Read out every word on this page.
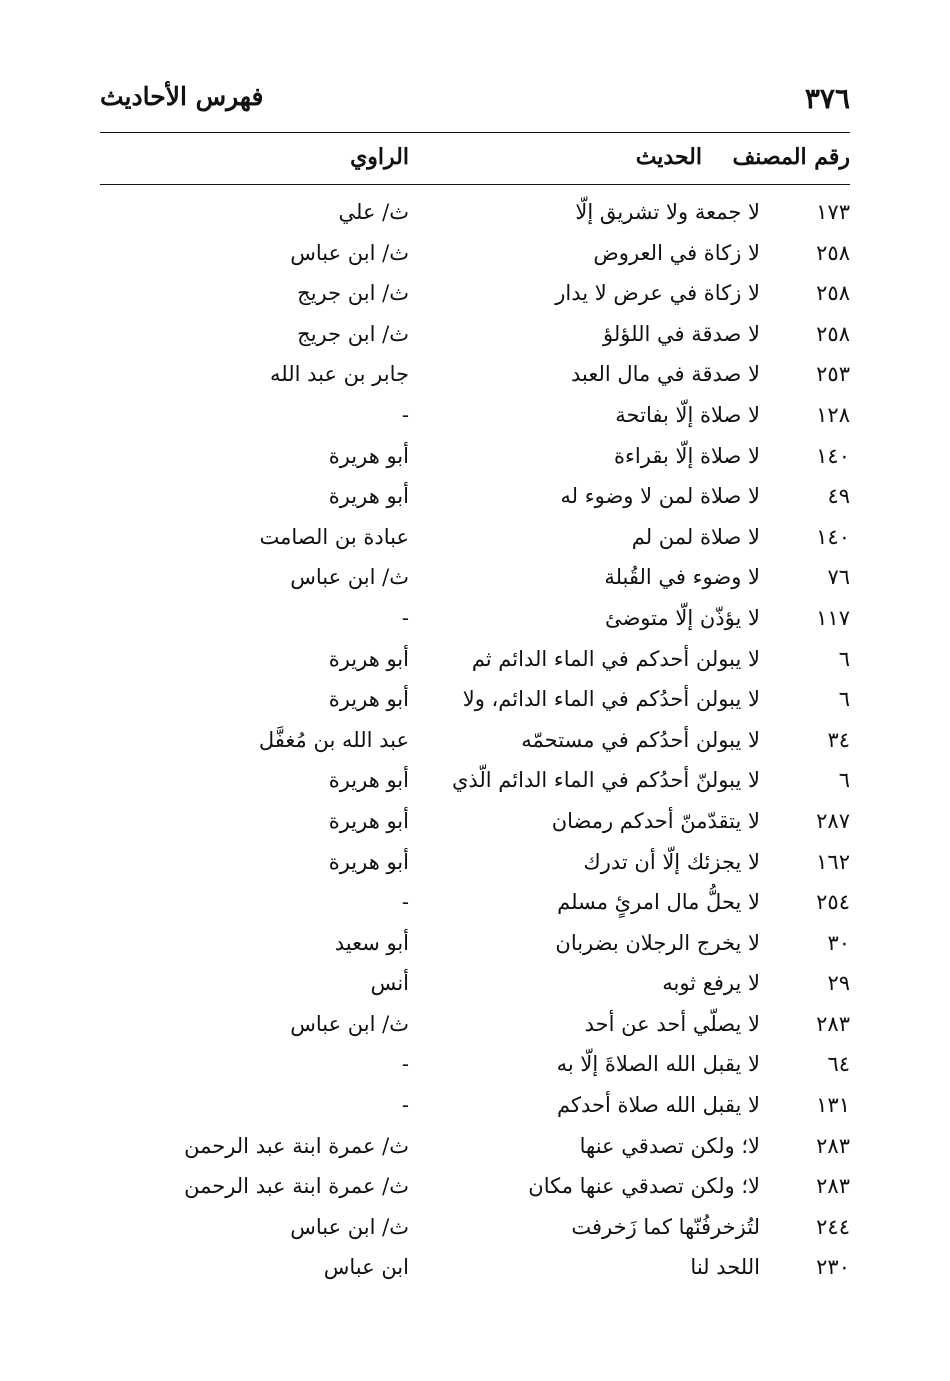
٣٧٦
فهرس الأحاديث
رقم المصنف
الحديث
الراوي
١٧٣
لا جمعة ولا تشريق إلّا
ث/ علي
٢٥٨
لا زكاة في العروض
ث/ ابن عباس
٢٥٨
لا زكاة في عرض لا يدار
ث/ ابن جريج
٢٥٨
لا صدقة في اللؤلؤ
ث/ ابن جريج
٢٥٣
لا صدقة في مال العبد
جابر بن عبد الله
١٢٨
لا صلاة إلّا بفاتحة
-
١٤٠
لا صلاة إلّا بقراءة
أبو هريرة
٤٩
لا صلاة لمن لا وضوء له
أبو هريرة
١٤٠
لا صلاة لمن لم
عبادة بن الصامت
٧٦
لا وضوء في القُبلة
ث/ ابن عباس
١١٧
لا يؤذّن إلّا متوضئ
-
٦
لا يبولن أحدكم في الماء الدائم ثم
أبو هريرة
٦
لا يبولن أحدُكم في الماء الدائم، ولا
أبو هريرة
٣٤
لا يبولن أحدُكم في مستحمّه
عبد الله بن مُغفَّل
٦
لا يبولنّ أحدُكم في الماء الدائم الّذي
أبو هريرة
٢٨٧
لا يتقدّمنّ أحدكم رمضان
أبو هريرة
١٦٢
لا يجزئك إلّا أن تدرك
أبو هريرة
٢٥٤
لا يحلُّ مال امرئٍ مسلم
-
٣٠
لا يخرج الرجلان بضربان
أبو سعيد
٢٩
لا يرفع ثوبه
أنس
٢٨٣
لا يصلّي أحد عن أحد
ث/ ابن عباس
٦٤
لا يقبل الله الصلاةَ إلّا به
-
١٣١
لا يقبل الله صلاة أحدكم
-
٢٨٣
لا؛ ولكن تصدقي عنها
ث/ عمرة ابنة عبد الرحمن
٢٨٣
لا؛ ولكن تصدقي عنها مكان
ث/ عمرة ابنة عبد الرحمن
٢٤٤
لتُزخرفُنّها كما زَخرفت
ث/ ابن عباس
٢٣٠
اللحد لنا
ابن عباس
